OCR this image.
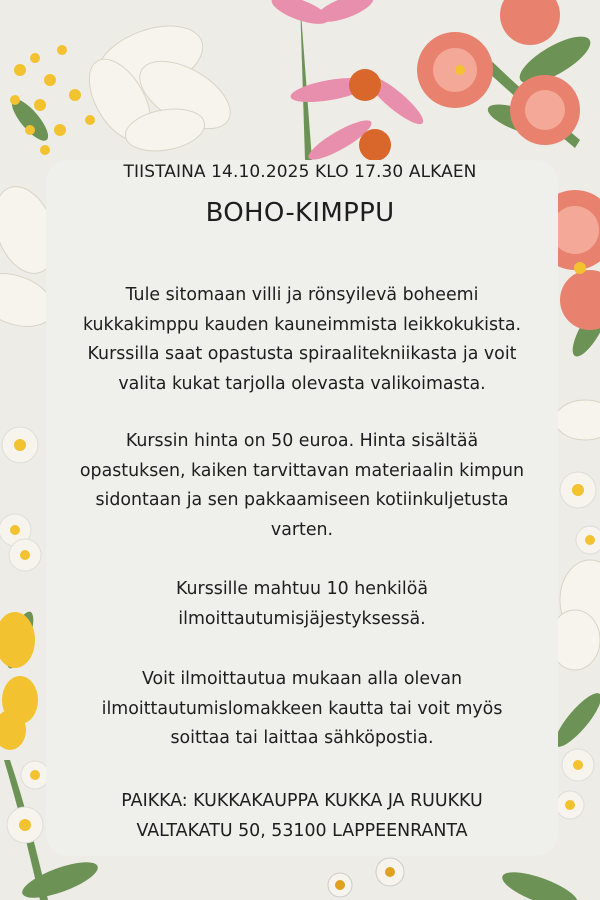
TIISTAINA 14.10.2025 KLO 17.30 ALKAEN
BOHO-KIMPPU
Tule sitomaan villi ja rönsyilevä boheemi
kukkakimppu kauden kauneimmista leikkokukista.
Kurssilla saat opastusta spiraalitekniikasta ja voit
valita kukat tarjolla olevasta valikoimasta.
Kurssin hinta on 50 euroa. Hinta sisältää
opastuksen, kaiken tarvittavan materiaalin kimpun
sidontaan ja sen pakkaamiseen kotiinkuljetusta
varten.
Kurssille mahtuu 10 henkilöä
ilmoittautumisjäjestyksessä.
Voit ilmoittautua mukaan alla olevan
ilmoittautumislomakkeen kautta tai voit myös
soittaa tai laittaa sähköpostia.
PAIKKA: KUKKAKAUPPA KUKKA JA RUUKKU
VALTAKATU 50, 53100 LAPPEENRANTA
